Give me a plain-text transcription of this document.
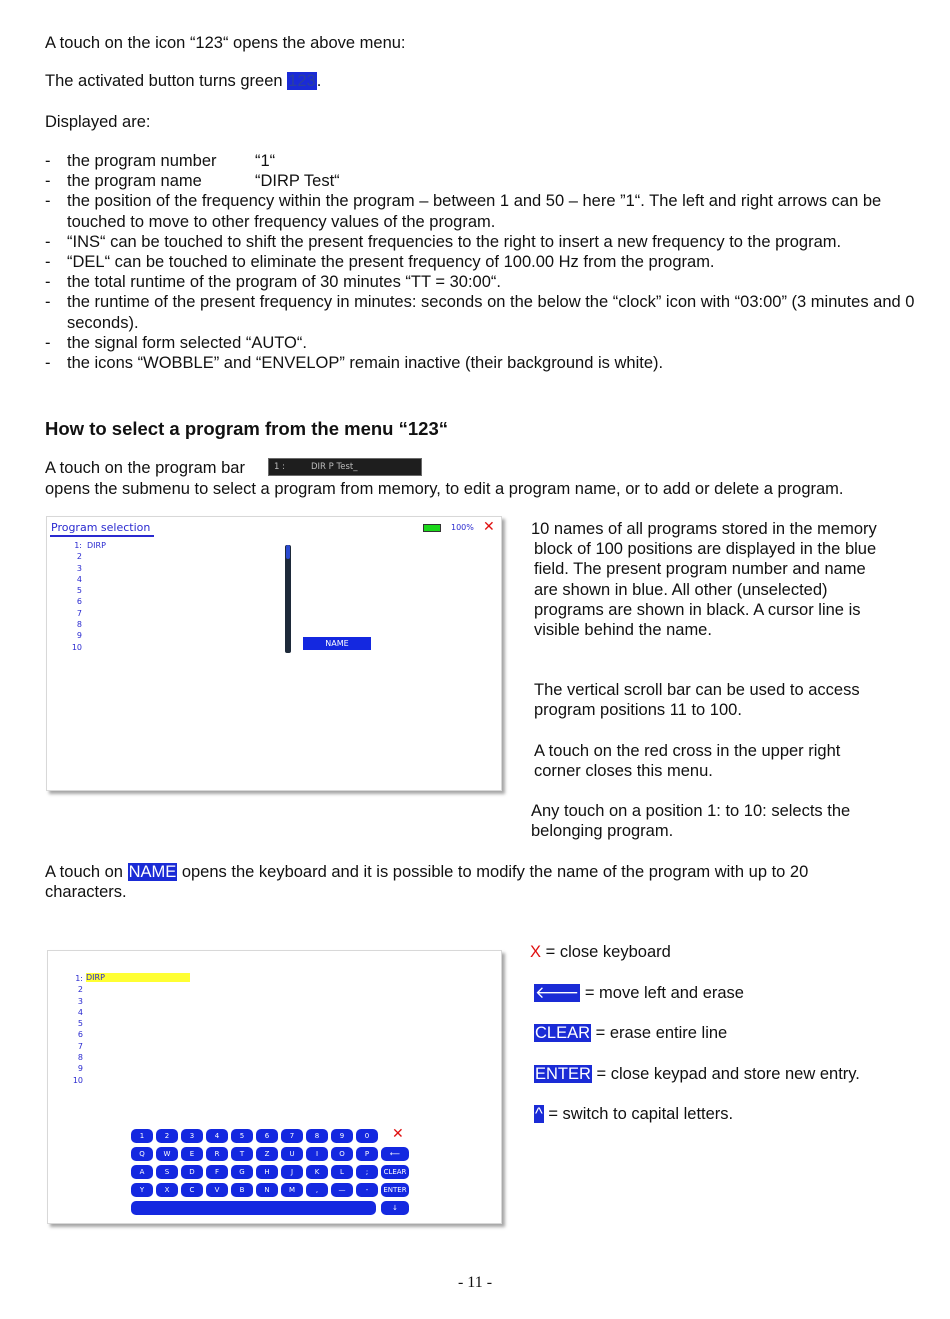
A touch on the icon “123“ opens the above menu:
The activated button turns green 123.
Displayed are:
- the program number “1“
- the program name	“DIRP Test“
- the position of the frequency within the program – between 1 and 50 – here ”1“. The left and right arrows can be touched to move to other frequency values of the program.
- “INS“ can be touched to shift the present frequencies to the right to insert a new frequency to the program.
- “DEL“ can be touched to eliminate the present frequency of 100.00 Hz from the program.
- the total runtime of the program of 30 minutes “TT = 30:00“.
- the runtime of the present frequency in minutes: seconds on the below the “clock” icon with “03:00” (3 minutes and 0 seconds).
- the signal form selected “AUTO“.
- the icons “WOBBLE” and “ENVELOP” remain inactive (their background is white).
How to select a program from the menu “123“
A touch on the program bar	1 :	DIR P Test_
opens the submenu to select a program from memory, to edit a program name, or to add or delete a program.
Program selection	100% ✕
1:
2
3
4
5
6
7
8
9
10
DIRP
NAME
10 names of all programs stored in the memory
block of 100 positions are displayed in the blue
field. The present program number and name
are shown in blue. All other (unselected)
programs are shown in black. A cursor line is
visible behind the name.
The vertical scroll bar can be used to access
program positions 11 to 100.
A touch on the red cross in the upper right
corner closes this menu.
Any touch on a position 1: to 10: selects the
belonging program.
A touch on NAME opens the keyboard and it is possible to modify the name of the program with up to 20
characters.
1:
2
3
4
5
6
7
8
9
10
DIRP
✕
1	2	3	4	5	6	7	8	9	0
Q	W	E	R	T	Z	U	I	O	P	⟵
A	S	D	F	G	H	J	K	L	;	CLEAR
Y	X	C	V	B	N	M	,	—	-	ENTER
↓
X = close keyboard
🡐 = move left and erase
CLEAR = erase entire line
ENTER = close keypad and store new entry.
^ = switch to capital letters.
- 11 -
